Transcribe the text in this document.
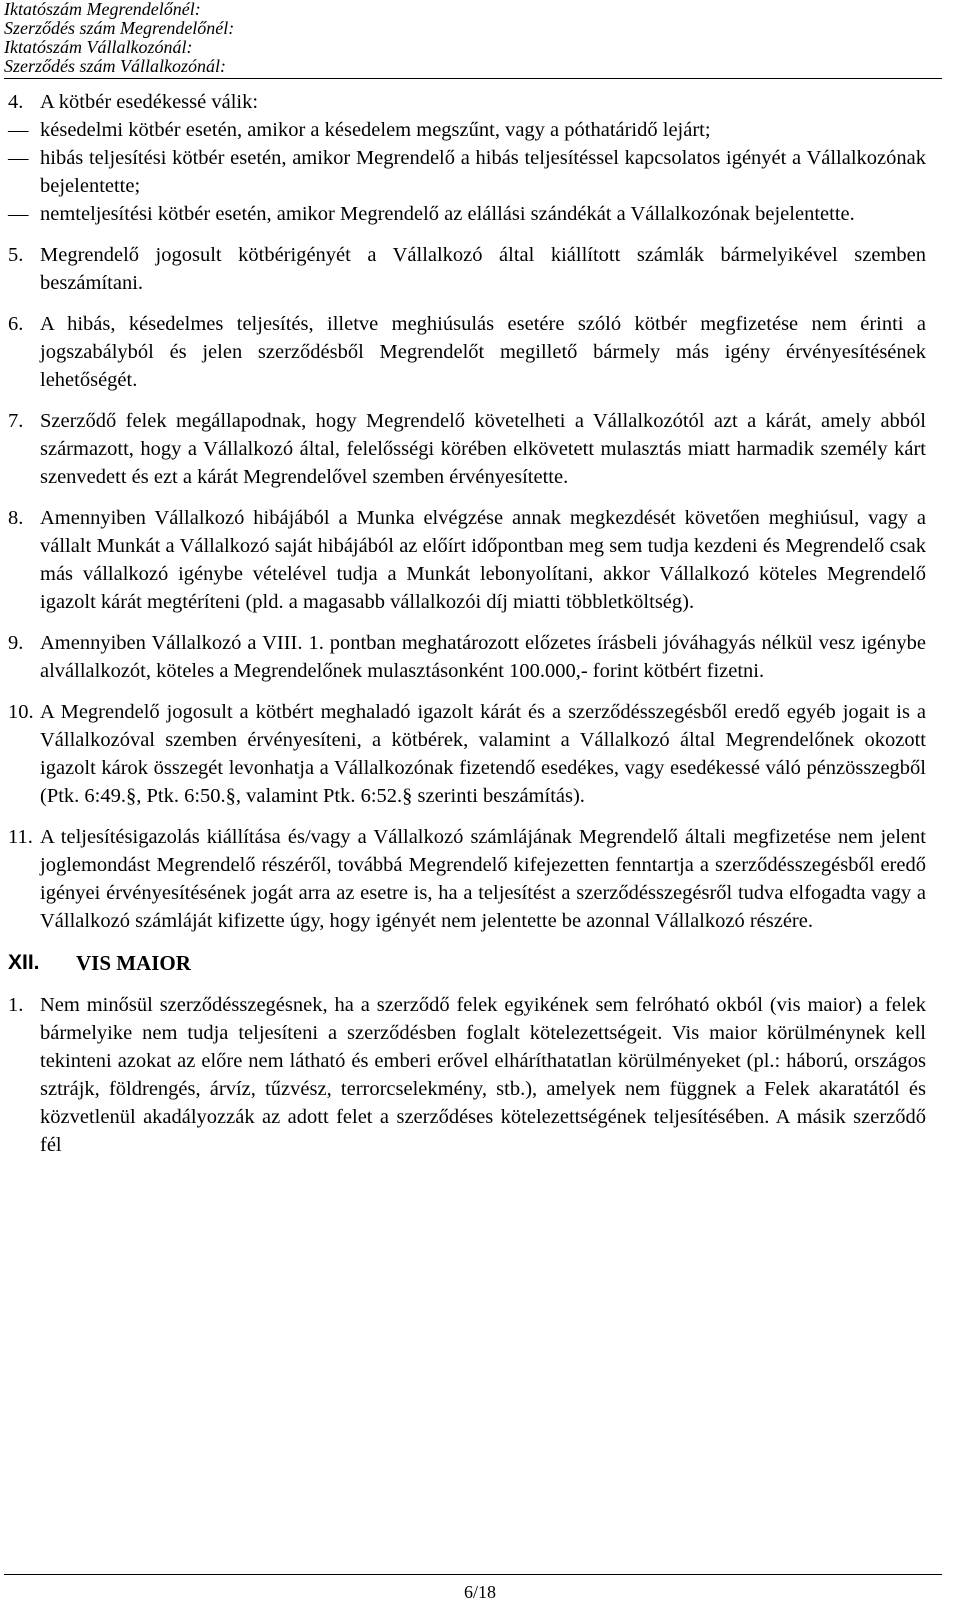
Iktatószám Megrendelőnél:

Szerződés szám Megrendelőnél:

Iktatószám Vállalkozónál:

Szerződés szám Vállalkozónál:

4. A kötbér esedékessé válik:
— késedelmi kötbér esetén, amikor a késedelem megszűnt, vagy a póthatáridő lejárt;
— hibás teljesítési kötbér esetén, amikor Megrendelő a hibás teljesítéssel kapcsolatos igényét a Vállalkozónak bejelentette;
— nemteljesítési kötbér esetén, amikor Megrendelő az elállási szándékát a Vállalkozónak bejelentette.
5. Megrendelő jogosult kötbérigényét a Vállalkozó által kiállított számlák bármelyikével szemben beszámítani.
6. A hibás, késedelmes teljesítés, illetve meghiúsulás esetére szóló kötbér megfizetése nem érinti a jogszabályból és jelen szerződésből Megrendelőt megillető bármely más igény érvényesítésének lehetőségét.
7. Szerződő felek megállapodnak, hogy Megrendelő követelheti a Vállalkozótól azt a kárát, amely abból származott, hogy a Vállalkozó által, felelősségi körében elkövetett mulasztás miatt harmadik személy kárt szenvedett és ezt a kárát Megrendelővel szemben érvényesítette.
8. Amennyiben Vállalkozó hibájából a Munka elvégzése annak megkezdését követően meghiúsul, vagy a vállalt Munkát a Vállalkozó saját hibájából az előírt időpontban meg sem tudja kezdeni és Megrendelő csak más vállalkozó igénybe vételével tudja a Munkát lebonyolítani, akkor Vállalkozó köteles Megrendelő igazolt kárát megtéríteni (pld. a magasabb vállalkozói díj miatti többletköltség).
9. Amennyiben Vállalkozó a VIII. 1. pontban meghatározott előzetes írásbeli jóváhagyás nélkül vesz igénybe alvállalkozót, köteles a Megrendelőnek mulasztásonként 100.000,- forint kötbért fizetni.
10. A Megrendelő jogosult a kötbért meghaladó igazolt kárát és a szerződésszegésből eredő egyéb jogait is a Vállalkozóval szemben érvényesíteni, a kötbérek, valamint a Vállalkozó által Megrendelőnek okozott igazolt károk összegét levonhatja a Vállalkozónak fizetendő esedékes, vagy esedékessé váló pénzösszegből (Ptk. 6:49.§, Ptk. 6:50.§, valamint Ptk. 6:52.§ szerinti beszámítás).
11. A teljesítésigazolás kiállítása és/vagy a Vállalkozó számlájának Megrendelő általi megfizetése nem jelent joglemondást Megrendelő részéről, továbbá Megrendelő kifejezetten fenntartja a szerződésszegésből eredő igényei érvényesítésének jogát arra az esetre is, ha a teljesítést a szerződésszegésről tudva elfogadta vagy a Vállalkozó számláját kifizette úgy, hogy igényét nem jelentette be azonnal Vállalkozó részére.
XII. VIS MAIOR
1. Nem minősül szerződésszegésnek, ha a szerződő felek egyikének sem felróható okból (vis maior) a felek bármelyike nem tudja teljesíteni a szerződésben foglalt kötelezettségeit. Vis maior körülménynek kell tekinteni azokat az előre nem látható és emberi erővel elháríthatatlan körülményeket (pl.: háború, országos sztrájk, földrengés, árvíz, tűzvész, terrorcselekmény, stb.), amelyek nem függnek a Felek akaratától és közvetlenül akadályozzák az adott felet a szerződéses kötelezettségének teljesítésében. A másik szerződő fél
6/18
